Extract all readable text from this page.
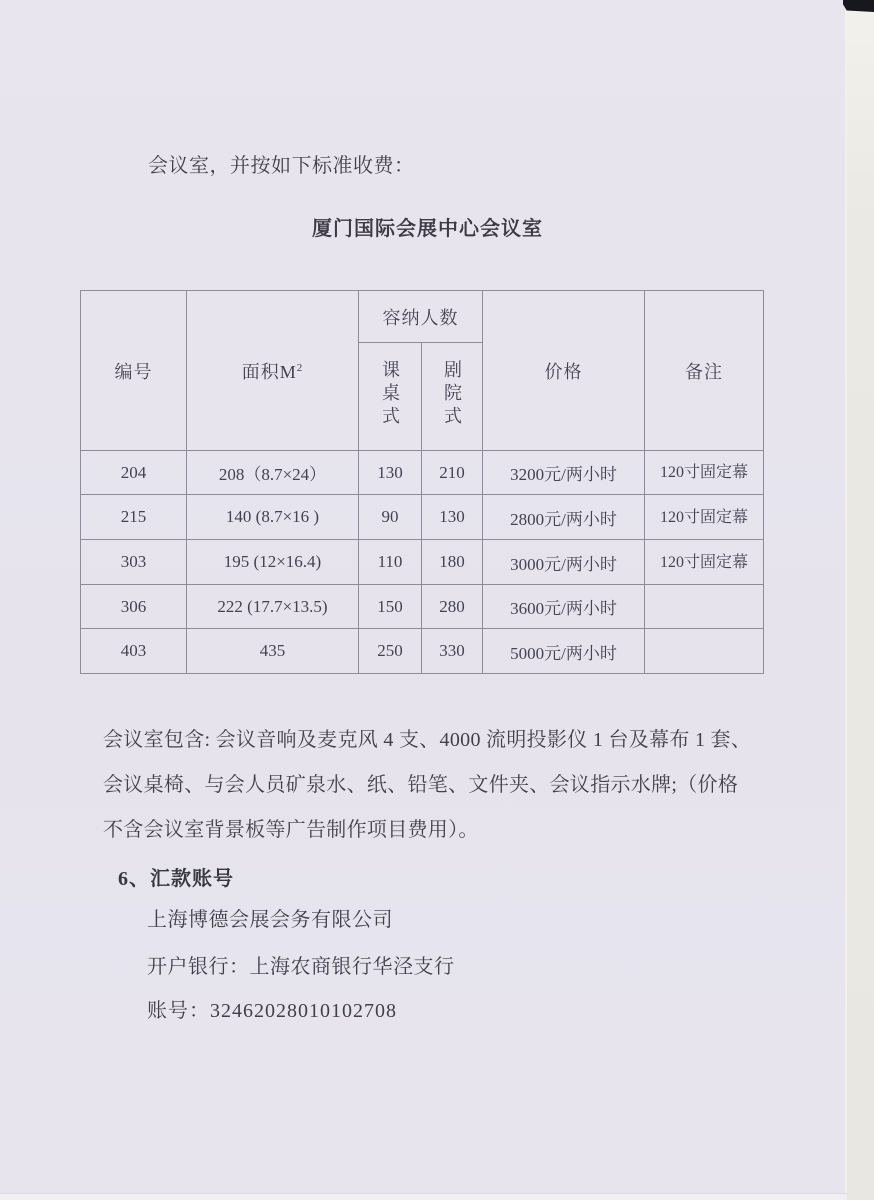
会议室，并按如下标准收费：
厦门国际会展中心会议室
编号	面积$M^2$	容纳人数		价格	备注
		课桌式	剧院式		
204	208（8.7×24）	130	210	3200元/两小时	120寸固定幕
215	140 (8.7×16 )	90	130	2800元/两小时	120寸固定幕
303	195 (12×16.4)	110	180	3000元/两小时	120寸固定幕
306	222 (17.7×13.5)	150	280	3600元/两小时	
403	435	250	330	5000元/两小时	
会议室包含: 会议音响及麦克风 4 支、4000 流明投影仪 1 台及幕布 1 套、
会议桌椅、与会人员矿泉水、纸、铅笔、文件夹、会议指示水牌;（价格
不含会议室背景板等广告制作项目费用）。
6、汇款账号
上海博德会展会务有限公司
开户银行：上海农商银行华泾支行
账号：32462028010102708
